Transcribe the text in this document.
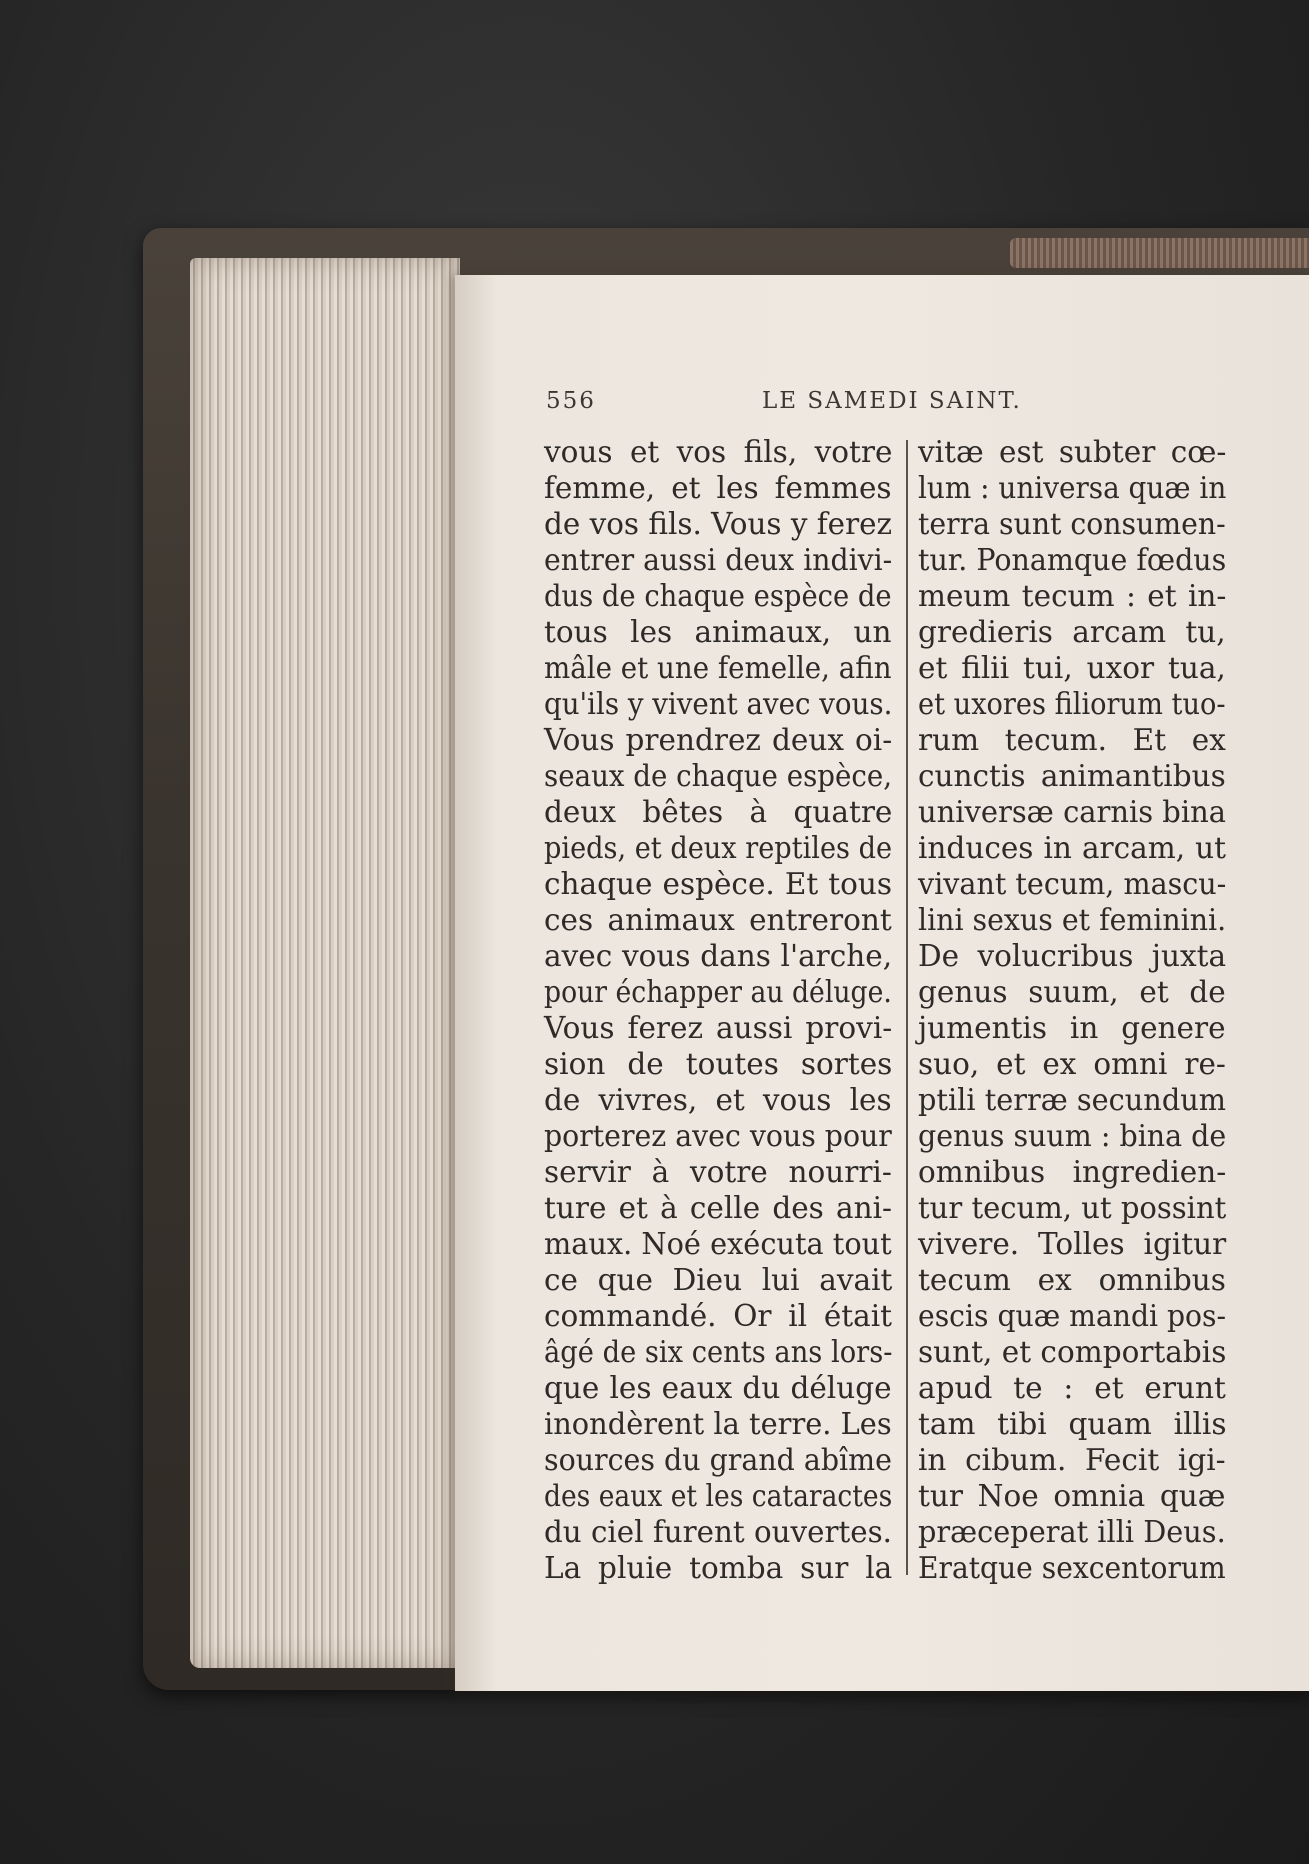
556	LE SAMEDI SAINT.
vous et vos fils, votre
femme, et les femmes
de vos fils. Vous y ferez
entrer aussi deux indivi-
dus de chaque espèce de
tous les animaux, un
mâle et une femelle, afin
qu'ils y vivent avec vous.
Vous prendrez deux oi-
seaux de chaque espèce,
deux bêtes à quatre
pieds, et deux reptiles de
chaque espèce. Et tous
ces animaux entreront
avec vous dans l'arche,
pour échapper au déluge.
Vous ferez aussi provi-
sion de toutes sortes
de vivres, et vous les
porterez avec vous pour
servir à votre nourri-
ture et à celle des ani-
maux. Noé exécuta tout
ce que Dieu lui avait
commandé. Or il était
âgé de six cents ans lors-
que les eaux du déluge
inondèrent la terre. Les
sources du grand abîme
des eaux et les cataractes
du ciel furent ouvertes.
La pluie tomba sur la
vitæ est subter cœ-
lum : universa quæ in
terra sunt consumen-
tur. Ponamque fœdus
meum tecum : et in-
gredieris arcam tu,
et filii tui, uxor tua,
et uxores filiorum tuo-
rum tecum. Et ex
cunctis animantibus
universæ carnis bina
induces in arcam, ut
vivant tecum, mascu-
lini sexus et feminini.
De volucribus juxta
genus suum, et de
jumentis in genere
suo, et ex omni re-
ptili terræ secundum
genus suum : bina de
omnibus ingredien-
tur tecum, ut possint
vivere. Tolles igitur
tecum ex omnibus
escis quæ mandi pos-
sunt, et comportabis
apud te : et erunt
tam tibi quam illis
in cibum. Fecit igi-
tur Noe omnia quæ
præceperat illi Deus.
Eratque sexcentorum
